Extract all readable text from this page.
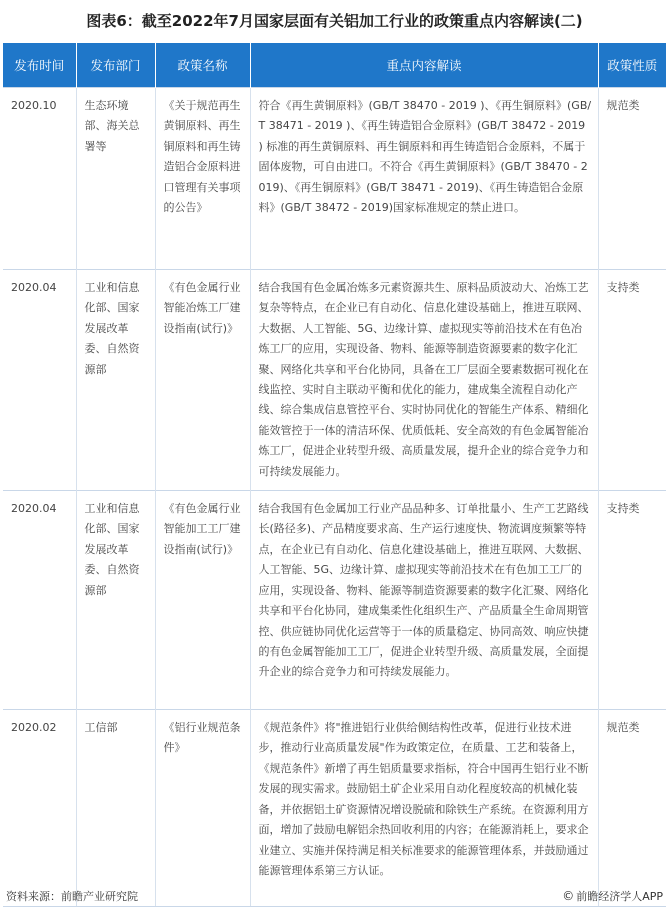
图表6：截至2022年7月国家层面有关铝加工行业的政策重点内容解读(二)
发布时间	发布部门	政策名称	重点内容解读	政策性质
2020.10	生态环境部、海关总署等	《关于规范再生黄铜原料、再生铜原料和再生铸造铝合金原料进口管理有关事项的公告》	符合《再生黄铜原料》(GB/T 38470 - 2019 )、《再生铜原料》(GB/T 38471 - 2019 )、《再生铸造铝合金原料》(GB/T 38472 - 2019 ) 标准的再生黄铜原料、再生铜原料和再生铸造铝合金原料，不属于固体废物，可自由进口。不符合《再生黄铜原料》(GB/T 38470 - 2019)、《再生铜原料》(GB/T 38471 - 2019)、《再生铸造铝合金原料》(GB/T 38472 - 2019)国家标准规定的禁止进口。	规范类
2020.04	工业和信息化部、国家发展改革委、自然资源部	《有色金属行业智能冶炼工厂建设指南(试行)》	结合我国有色金属冶炼多元素资源共生、原料品质波动大、冶炼工艺复杂等特点，在企业已有自动化、信息化建设基础上，推进互联网、大数据、人工智能、5G、边缘计算、虚拟现实等前沿技术在有色冶炼工厂的应用，实现设备、物料、能源等制造资源要素的数字化汇聚、网络化共享和平台化协同，具备在工厂层面全要素数据可视化在线监控、实时自主联动平衡和优化的能力，建成集全流程自动化产线、综合集成信息管控平台、实时协同优化的智能生产体系、精细化能效管控于一体的清洁环保、优质低耗、安全高效的有色金属智能冶炼工厂，促进企业转型升级、高质量发展，提升企业的综合竞争力和可持续发展能力。	支持类
2020.04	工业和信息化部、国家发展改革委、自然资源部	《有色金属行业智能加工工厂建设指南(试行)》	结合我国有色金属加工行业产品品种多、订单批量小、生产工艺路线长(路径多)、产品精度要求高、生产运行速度快、物流调度频繁等特点，在企业已有自动化、信息化建设基础上，推进互联网、大数据、人工智能、5G、边缘计算、虚拟现实等前沿技术在有色加工工厂的应用，实现设备、物料、能源等制造资源要素的数字化汇聚、网络化共享和平台化协同，建成集柔性化组织生产、产品质量全生命周期管控、供应链协同优化运营等于一体的质量稳定、协同高效、响应快捷的有色金属智能加工工厂，促进企业转型升级、高质量发展，全面提升企业的综合竞争力和可持续发展能力。	支持类
2020.02	工信部	《铝行业规范条件》	《规范条件》将"推进铝行业供给侧结构性改革，促进行业技术进步，推动行业高质量发展"作为政策定位，在质量、工艺和装备上，《规范条件》新增了再生铝质量要求指标，符合中国再生铝行业不断发展的现实需求。鼓励铝土矿企业采用自动化程度较高的机械化装备，并依据铝土矿资源情况增设脱硫和除铁生产系统。在资源利用方面，增加了鼓励电解铝余热回收利用的内容；在能源消耗上，要求企业建立、实施并保持满足相关标准要求的能源管理体系，并鼓励通过能源管理体系第三方认证。	规范类
资料来源：前瞻产业研究院	© 前瞻经济学人APP
